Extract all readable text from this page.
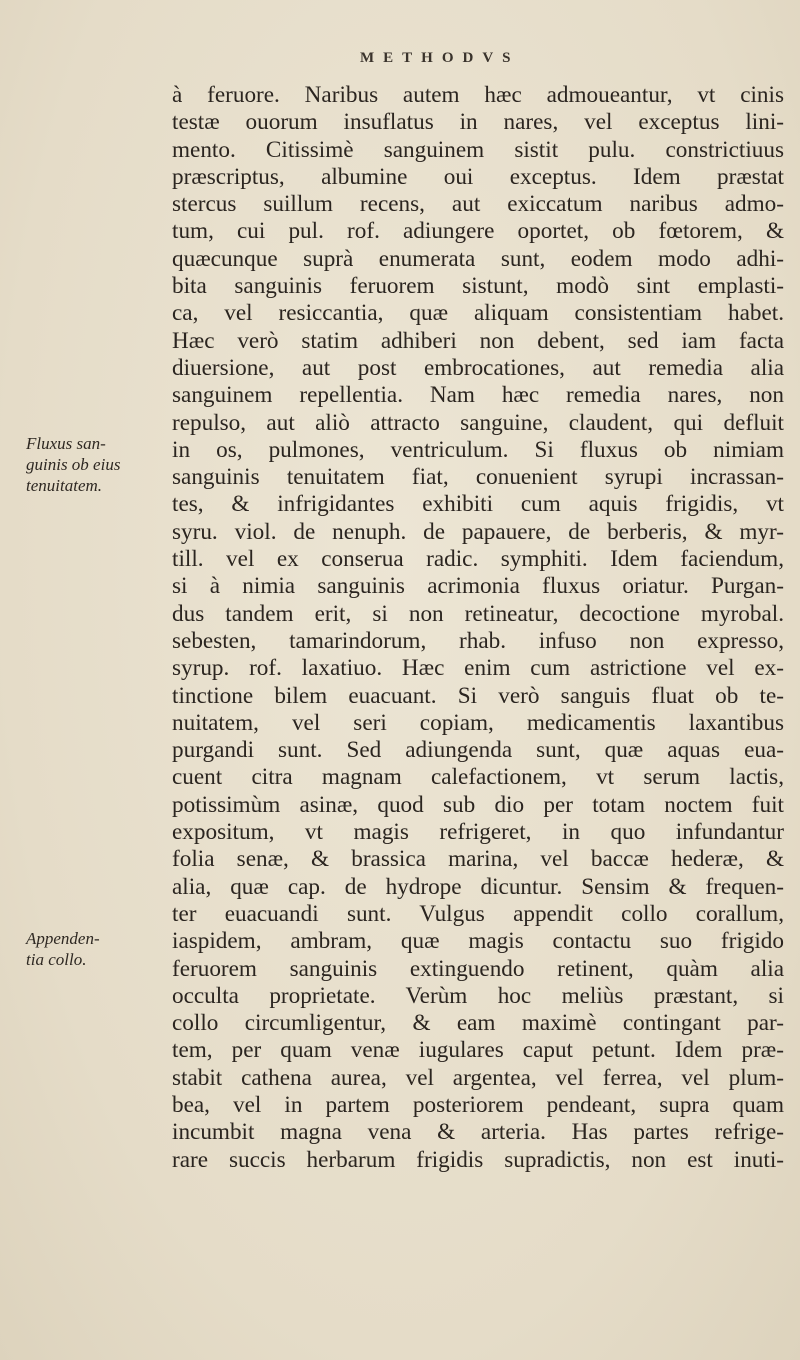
METHODVS
à feruore. Naribus autem hæc admoueantur, vt cinis
testæ ouorum insuflatus in nares, vel exceptus lini-
mento. Citissimè sanguinem sistit pulu. constrictiuus
præscriptus, albumine oui exceptus. Idem præstat
stercus suillum recens, aut exiccatum naribus admo-
tum, cui pul. rof. adiungere oportet, ob fœtorem, &
quæcunque suprà enumerata sunt, eodem modo adhi-
bita sanguinis feruorem sistunt, modò sint emplasti-
ca, vel resiccantia, quæ aliquam consistentiam habet.
Hæc verò statim adhiberi non debent, sed iam facta
diuersione, aut post embrocationes, aut remedia alia
sanguinem repellentia. Nam hæc remedia nares, non
repulso, aut aliò attracto sanguine, claudent, qui defluit
in os, pulmones, ventriculum. Si fluxus ob nimiam
sanguinis tenuitatem fiat, conuenient syrupi incrassan-
tes, & infrigidantes exhibiti cum aquis frigidis, vt
syru. viol. de nenuph. de papauere, de berberis, & myr-
till. vel ex conserua radic. symphiti. Idem faciendum,
si à nimia sanguinis acrimonia fluxus oriatur. Purgan-
dus tandem erit, si non retineatur, decoctione myrobal.
sebesten, tamarindorum, rhab. infuso non expresso,
syrup. rof. laxatiuo. Hæc enim cum astrictione vel ex-
tinctione bilem euacuant. Si verò sanguis fluat ob te-
nuitatem, vel seri copiam, medicamentis laxantibus
purgandi sunt. Sed adiungenda sunt, quæ aquas eua-
cuent citra magnam calefactionem, vt serum lactis,
potissimùm asinæ, quod sub dio per totam noctem fuit
expositum, vt magis refrigeret, in quo infundantur
folia senæ, & brassica marina, vel baccæ hederæ, &
alia, quæ cap. de hydrope dicuntur. Sensim & frequen-
ter euacuandi sunt. Vulgus appendit collo corallum,
iaspidem, ambram, quæ magis contactu suo frigido
feruorem sanguinis extinguendo retinent, quàm alia
occulta proprietate. Verùm hoc meliùs præstant, si
collo circumligentur, & eam maximè contingant par-
tem, per quam venæ iugulares caput petunt. Idem præ-
stabit cathena aurea, vel argentea, vel ferrea, vel plum-
bea, vel in partem posteriorem pendeant, supra quam
incumbit magna vena & arteria. Has partes refrige-
rare succis herbarum frigidis supradictis, non est inuti-
Fluxus san-
guinis ob eius
tenuitatem.
Appenden-
tia collo.
